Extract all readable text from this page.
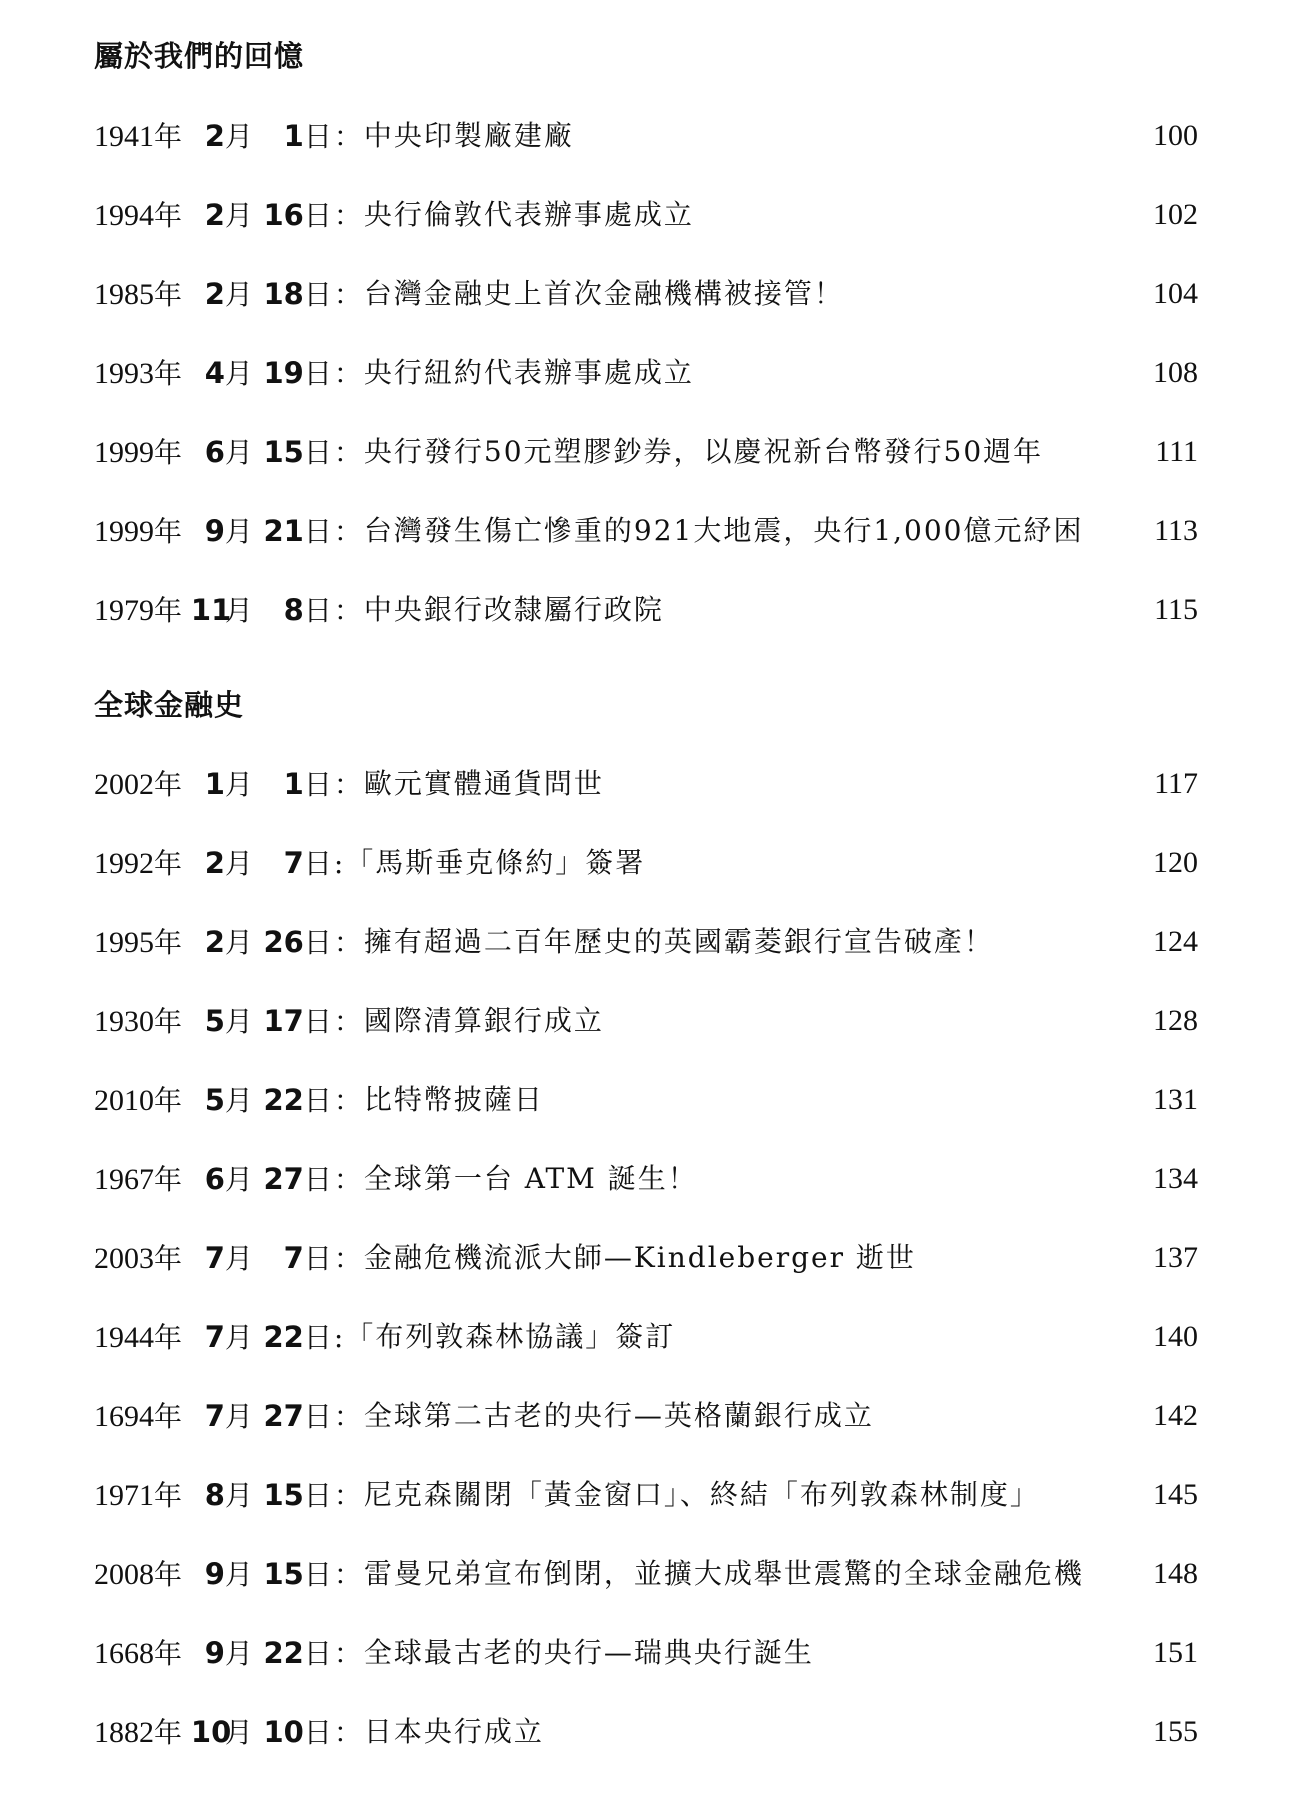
屬於我們的回憶
1941年 2月 1日：中央印製廠建廠	100
1994年 2月 16日：央行倫敦代表辦事處成立	102
1985年 2月 18日：台灣金融史上首次金融機構被接管！	104
1993年 4月 19日：央行紐約代表辦事處成立	108
1999年 6月 15日：央行發行50元塑膠鈔券，以慶祝新台幣發行50週年	111
1999年 9月 21日：台灣發生傷亡慘重的921大地震，央行1,000億元紓困	113
1979年 11月 8日：中央銀行改隸屬行政院	115
全球金融史
2002年 1月 1日：歐元實體通貨問世	117
1992年 2月 7日:「馬斯垂克條約」簽署	120
1995年 2月 26日：擁有超過二百年歷史的英國霸菱銀行宣告破產！	124
1930年 5月 17日：國際清算銀行成立	128
2010年 5月 22日：比特幣披薩日	131
1967年 6月 27日：全球第一台 ATM 誕生！	134
2003年 7月 7日：金融危機流派大師—Kindleberger 逝世	137
1944年 7月 22日:「布列敦森林協議」簽訂	140
1694年 7月 27日：全球第二古老的央行—英格蘭銀行成立	142
1971年 8月 15日：尼克森關閉「黃金窗口」、終結「布列敦森林制度」	145
2008年 9月 15日：雷曼兄弟宣布倒閉，並擴大成舉世震驚的全球金融危機	148
1668年 9月 22日：全球最古老的央行—瑞典央行誕生	151
1882年 10月 10日：日本央行成立	155
